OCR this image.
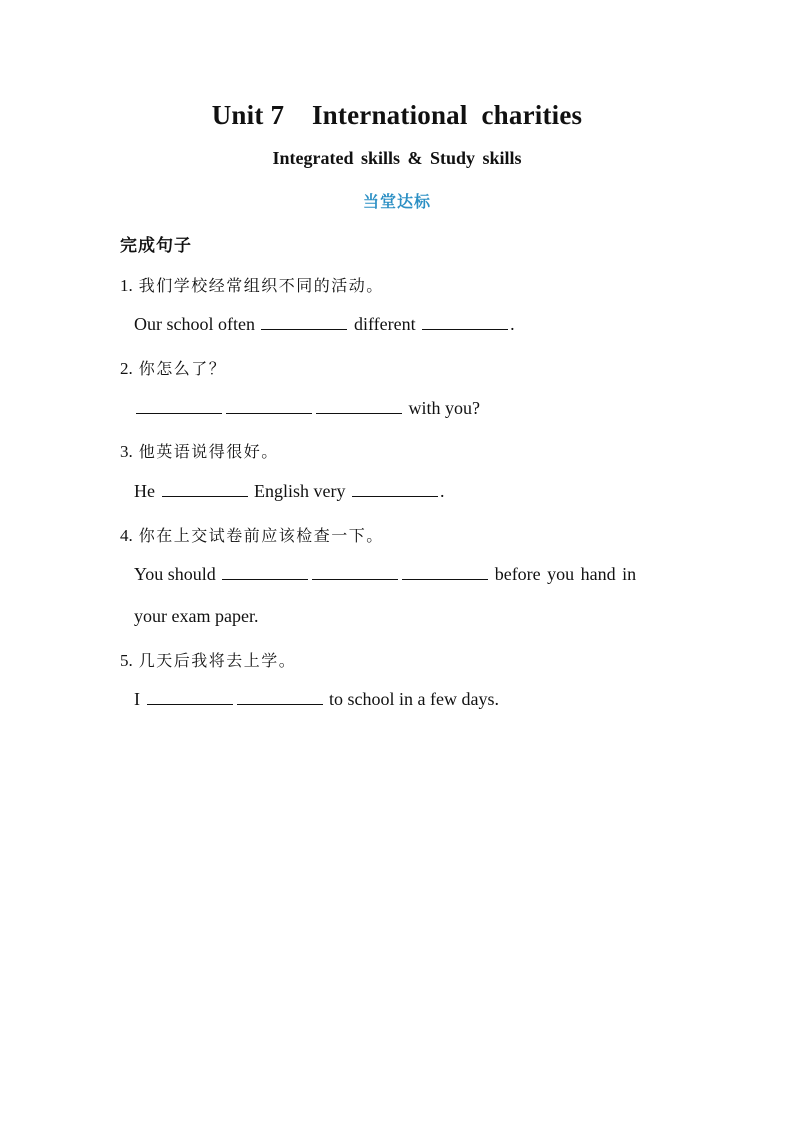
Unit 7    International  charities
Integrated skills & Study skills
当堂达标
完成句子
1. 我们学校经常组织不同的活动。
Our school often	different	.
2. 你怎么了？
with you?
3. 他英语说得很好。
He	English very	.
4. 你在上交试卷前应该检查一下。
You should	before you hand in
your exam paper.
5. 几天后我将去上学。
I	to school in a few days.
